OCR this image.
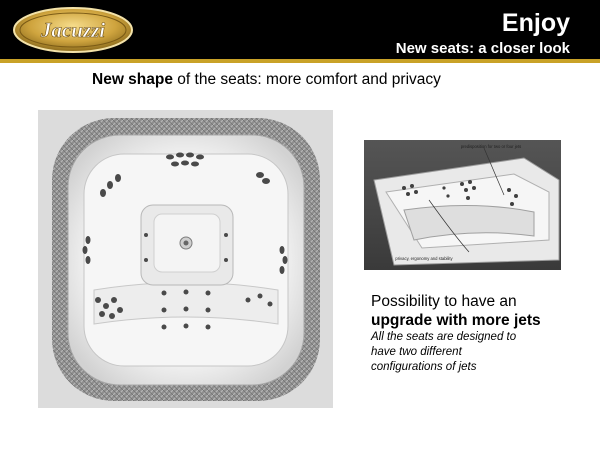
Jacuzzi	Enjoy
New seats: a closer look
New shape of the seats: more comfort and privacy
predisposition for two or four jets
privacy, ergonomy and stability
Possibility to have an
upgrade with more jets
All the seats are designed to
have two different
configurations of jets
